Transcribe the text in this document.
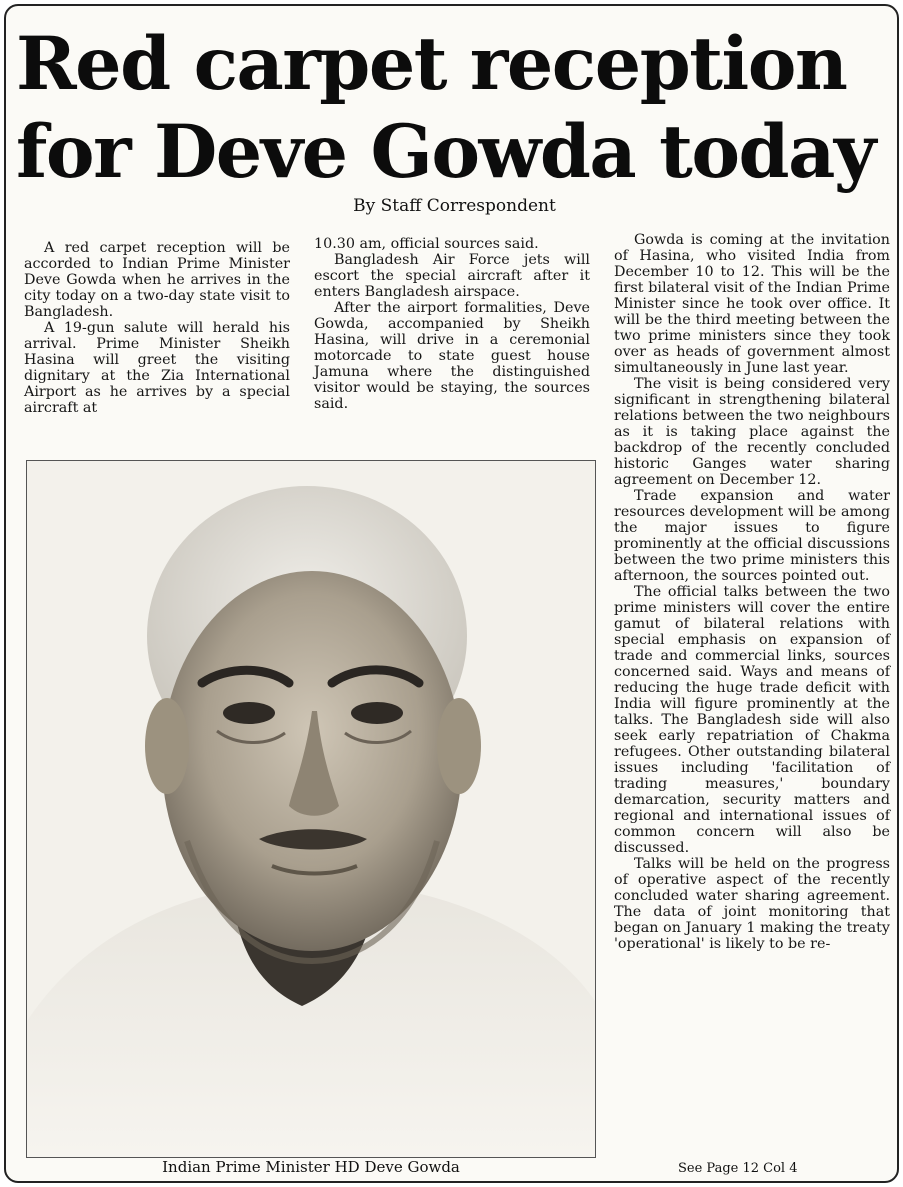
Red carpet reception
for Deve Gowda today
By Staff Correspondent

A red carpet reception will be accorded to Indian Prime Minister Deve Gowda when he arrives in the city today on a two-day state visit to Bangladesh.

A 19-gun salute will herald his arrival. Prime Minister Sheikh Hasina will greet the visiting dignitary at the Zia International Airport as he arrives by a special aircraft at

10.30 am, official sources said.

Bangladesh Air Force jets will escort the special aircraft after it enters Bangladesh airspace.

After the airport formalities, Deve Gowda, accompanied by Sheikh Hasina, will drive in a ceremonial motorcade to state guest house Jamuna where the distinguished visitor would be staying, the sources said.

Gowda is coming at the invitation of Hasina, who visited India from December 10 to 12. This will be the first bilateral visit of the Indian Prime Minister since he took over office. It will be the third meeting between the two prime ministers since they took over as heads of government almost simultaneously in June last year.

The visit is being considered very significant in strengthening bilateral relations between the two neighbours as it is taking place against the backdrop of the recently concluded historic Ganges water sharing agreement on December 12.

Trade expansion and water resources development will be among the major issues to figure prominently at the official discussions between the two prime ministers this afternoon, the sources pointed out.

The official talks between the two prime ministers will cover the entire gamut of bilateral relations with special emphasis on expansion of trade and commercial links, sources concerned said. Ways and means of reducing the huge trade deficit with India will figure prominently at the talks. The Bangladesh side will also seek early repatriation of Chakma refugees. Other outstanding bilateral issues including 'facilitation of trading measures,' boundary demarcation, security matters and regional and international issues of common concern will also be discussed.

Talks will be held on the progress of operative aspect of the recently concluded water sharing agreement. The data of joint monitoring that began on January 1 making the treaty 'operational' is likely to be re-

Indian Prime Minister HD Deve Gowda	See Page 12 Col 4
